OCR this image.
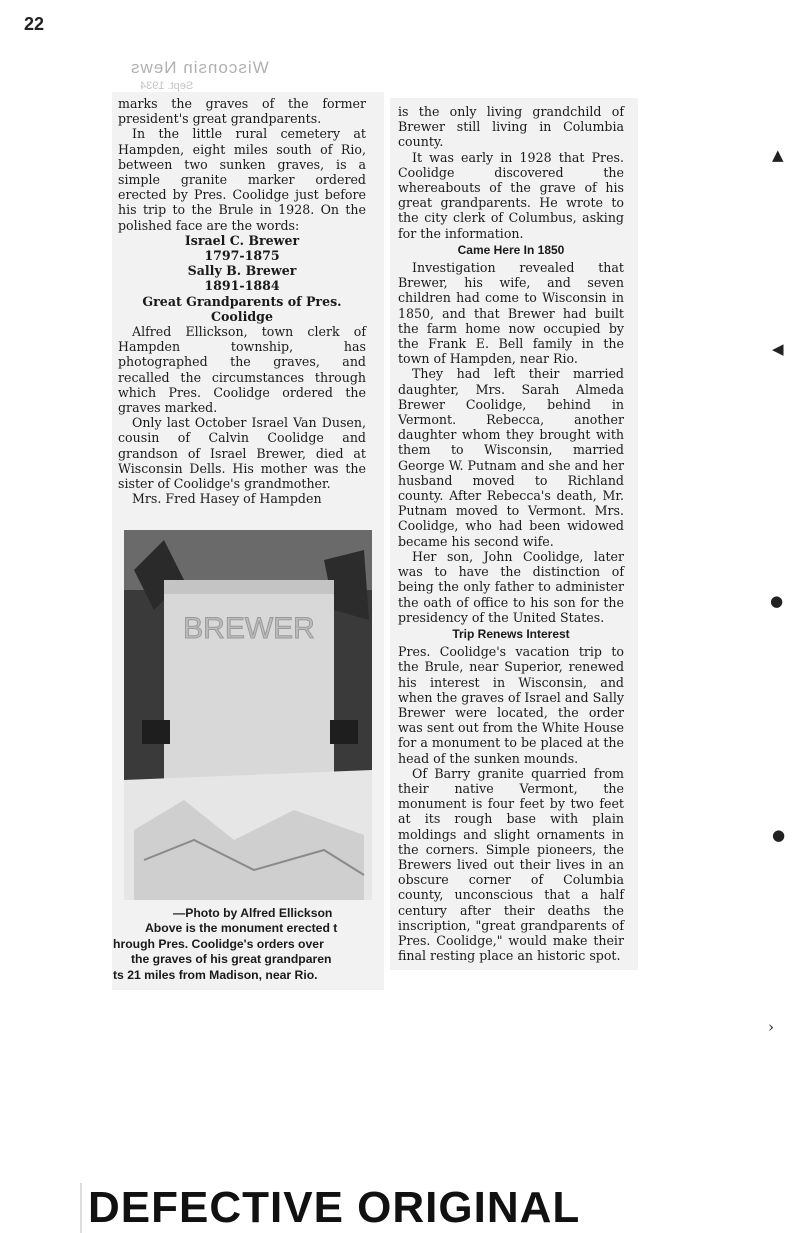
22
Wisconsin News
Sept. 1934

marks the graves of the former president's great grandparents.

In the little rural cemetery at Hampden, eight miles south of Rio, between two sunken graves, is a simple granite marker ordered erected by Pres. Coolidge just before his trip to the Brule in 1928. On the polished face are the words:

Israel C. Brewer

1797-1875

Sally B. Brewer

1891-1884

Great Grandparents of Pres. Coolidge

Alfred Ellickson, town clerk of Hampden township, has photographed the graves, and recalled the circumstances through which Pres. Coolidge ordered the graves marked.

Only last October Israel Van Dusen, cousin of Calvin Coolidge and grandson of Israel Brewer, died at Wisconsin Dells. His mother was the sister of Coolidge's grandmother.

Mrs. Fred Hasey of Hampden

BREWER
—Photo by Alfred Ellickson
Above is the monument erected t
hrough Pres. Coolidge's orders over
the graves of his great grandparen
ts 21 miles from Madison, near Rio.

is the only living grandchild of Brewer still living in Columbia county.

It was early in 1928 that Pres. Coolidge discovered the whereabouts of the grave of his great grandparents. He wrote to the city clerk of Columbus, asking for the information.

Came Here In 1850

Investigation revealed that Brewer, his wife, and seven children had come to Wisconsin in 1850, and that Brewer had built the farm home now occupied by the Frank E. Bell family in the town of Hampden, near Rio.

They had left their married daughter, Mrs. Sarah Almeda Brewer Coolidge, behind in Vermont. Rebecca, another daughter whom they brought with them to Wisconsin, married George W. Putnam and she and her husband moved to Richland county. After Rebecca's death, Mr. Putnam moved to Vermont. Mrs. Coolidge, who had been widowed became his second wife.

Her son, John Coolidge, later was to have the distinction of being the only father to administer the oath of office to his son for the presidency of the United States.

Trip Renews Interest

Pres. Coolidge's vacation trip to the Brule, near Superior, renewed his interest in Wisconsin, and when the graves of Israel and Sally Brewer were located, the order was sent out from the White House for a monument to be placed at the head of the sunken mounds.

Of Barry granite quarried from their native Vermont, the monument is four feet by two feet at its rough base with plain moldings and slight ornaments in the corners. Simple pioneers, the Brewers lived out their lives in an obscure corner of Columbia county, unconscious that a half century after their deaths the inscription, "great grandparents of Pres. Coolidge," would make their final resting place an historic spot.

▲
◀
●
●
›
DEFECTIVE ORIGINAL
